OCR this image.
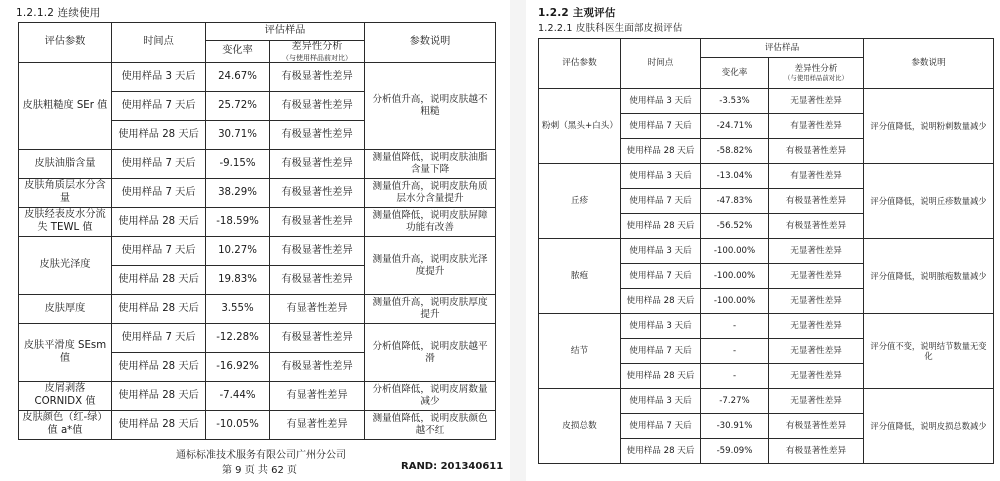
1.2.1.2 连续使用
评估参数	时间点	评估样品		参数说明
		变化率	差异性分析
（与使用样品前对比）	

皮肤粗糙度 SEr 值	使用样品 3 天后	24.67%	有极显著性差异	分析值升高，说明皮肤越不粗糙
	使用样品 7 天后	25.72%	有极显著性差异	
	使用样品 28 天后	30.71%	有极显著性差异	
皮肤油脂含量	使用样品 7 天后	-9.15%	有极显著性差异	测量值降低，说明皮肤油脂含量下降
皮肤角质层水分含量	使用样品 7 天后	38.29%	有极显著性差异	测量值升高，说明皮肤角质层水分含量提升
皮肤经表皮水分流失 TEWL 值	使用样品 28 天后	-18.59%	有极显著性差异	测量值降低，说明皮肤屏障功能有改善
皮肤光泽度	使用样品 7 天后	10.27%	有极显著性差异	测量值升高，说明皮肤光泽度提升
	使用样品 28 天后	19.83%	有极显著性差异	
皮肤厚度	使用样品 28 天后	3.55%	有显著性差异	测量值升高，说明皮肤厚度提升
皮肤平滑度 SEsm 值	使用样品 7 天后	-12.28%	有极显著性差异	分析值降低，说明皮肤越平滑
	使用样品 28 天后	-16.92%	有极显著性差异	
皮屑剥落 CORNIDX 值	使用样品 28 天后	-7.44%	有显著性差异	分析值降低，说明皮屑数量减少
皮肤颜色（红-绿）值 a*值	使用样品 28 天后	-10.05%	有显著性差异	测量值降低，说明皮肤颜色越不红
通标标准技术服务有限公司广州分公司
第 9 页 共 62 页	RAND: 201340611
1.2.2 主观评估
1.2.2.1 皮肤科医生面部皮损评估
评估参数	时间点	评估样品		参数说明
		变化率	差异性分析
（与使用样品前对比）	

粉刺（黑头+白头）	使用样品 3 天后	-3.53%	无显著性差异	评分值降低，说明粉刺数量减少
	使用样品 7 天后	-24.71%	有显著性差异	
	使用样品 28 天后	-58.82%	有极显著性差异	
丘疹	使用样品 3 天后	-13.04%	有显著性差异	评分值降低，说明丘疹数量减少
	使用样品 7 天后	-47.83%	有极显著性差异	
	使用样品 28 天后	-56.52%	有极显著性差异	
脓疱	使用样品 3 天后	-100.00%	无显著性差异	评分值降低，说明脓疱数量减少
	使用样品 7 天后	-100.00%	无显著性差异	
	使用样品 28 天后	-100.00%	无显著性差异	
结节	使用样品 3 天后	-	无显著性差异	评分值不变，说明结节数量无变化
	使用样品 7 天后	-	无显著性差异	
	使用样品 28 天后	-	无显著性差异	
皮损总数	使用样品 3 天后	-7.27%	无显著性差异	评分值降低，说明皮损总数减少
	使用样品 7 天后	-30.91%	有极显著性差异	
	使用样品 28 天后	-59.09%	有极显著性差异	
